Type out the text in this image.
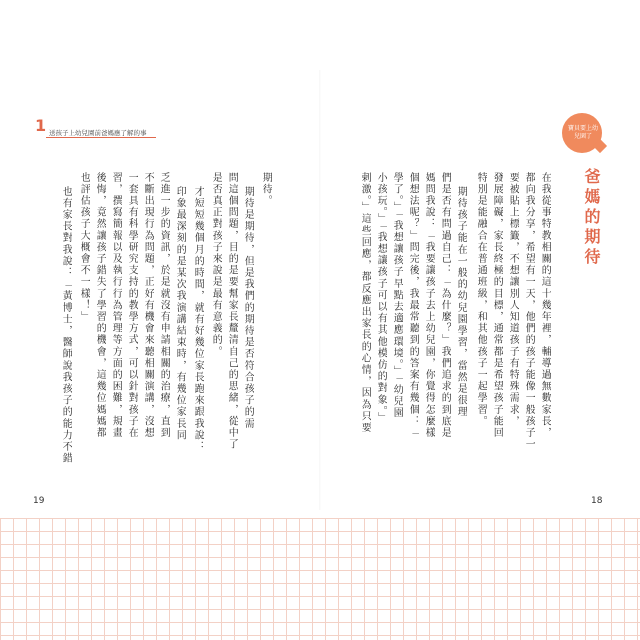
1 送孩子上幼兒園前爸媽應了解的事
寶貝要上幼兒園了
爸媽的期待
在我從事特教相關的這十幾年裡，輔導過無數家長，
都向我分享，希望有一天，他們的孩子能像一般孩子一
要被貼上標籤，不想讓別人知道孩子有特殊需求，
發展障礙，家長終極的目標，通常都是希望孩子能回
特別是能融合在普通班級，和其他孩子一起學習。
期待孩子能在一般的幼兒園學習，當然是很理
們是否有問過自己：「為什麼？」我們追求的到底是
媽問我說：「我要讓孩子去上幼兒園，你覺得怎麼樣
個想法呢？」問完後，我最常聽到的答案有幾個：「
學了。」「我想讓孩子早點去適應環境。」「幼兒園
小孩玩。」「我想讓孩子可以有其他模仿的對象。」
剌激。」這些回應，都反應出家長的心情，因為只要
期待。
期待是期待，但是我們的期待是否符合孩子的需
問這個問題，目的是要幫家長釐清自己的思緒，從中了
是否真正對孩子來說是最有意義的。
才短短幾個月的時間，就有好幾位家長跑來跟我說：
印象最深刻的是某次我演講結束時，有幾位家長同
乏進一步的資訊，於是就沒有申請相關的治療，直到
不斷出現行為問題，正好有機會來聽相關演講，沒想
一套具有科學研究支持的教學方式，可以針對孩子在
習，撰寫簡報以及執行行為管理等方面的困難，規畫
後悔，竟然讓孩子錯失了學習的機會，這幾位媽媽都
也評估孩子大概會不一樣！」
也有家長對我說：「黃博士，醫師說我孩子的能力不錯
19	18
